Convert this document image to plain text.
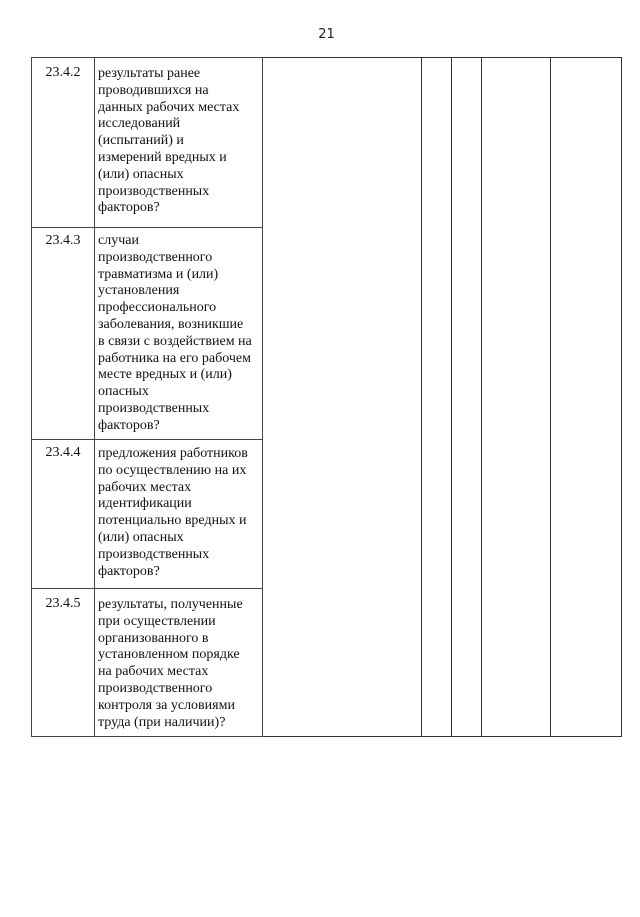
21
23.4.2	результаты ранее
проводившихся на
данных рабочих местах
исследований
(испытаний) и
измерений вредных и
(или) опасных
производственных
факторов?
23.4.3	случаи
производственного
травматизма и (или)
установления
профессионального
заболевания, возникшие
в связи с воздействием на
работника на его рабочем
месте вредных и (или)
опасных
производственных
факторов?
23.4.4	предложения работников
по осуществлению на их
рабочих местах
идентификации
потенциально вредных и
(или) опасных
производственных
факторов?
23.4.5	результаты, полученные
при осуществлении
организованного в
установленном порядке
на рабочих местах
производственного
контроля за условиями
труда (при наличии)?
